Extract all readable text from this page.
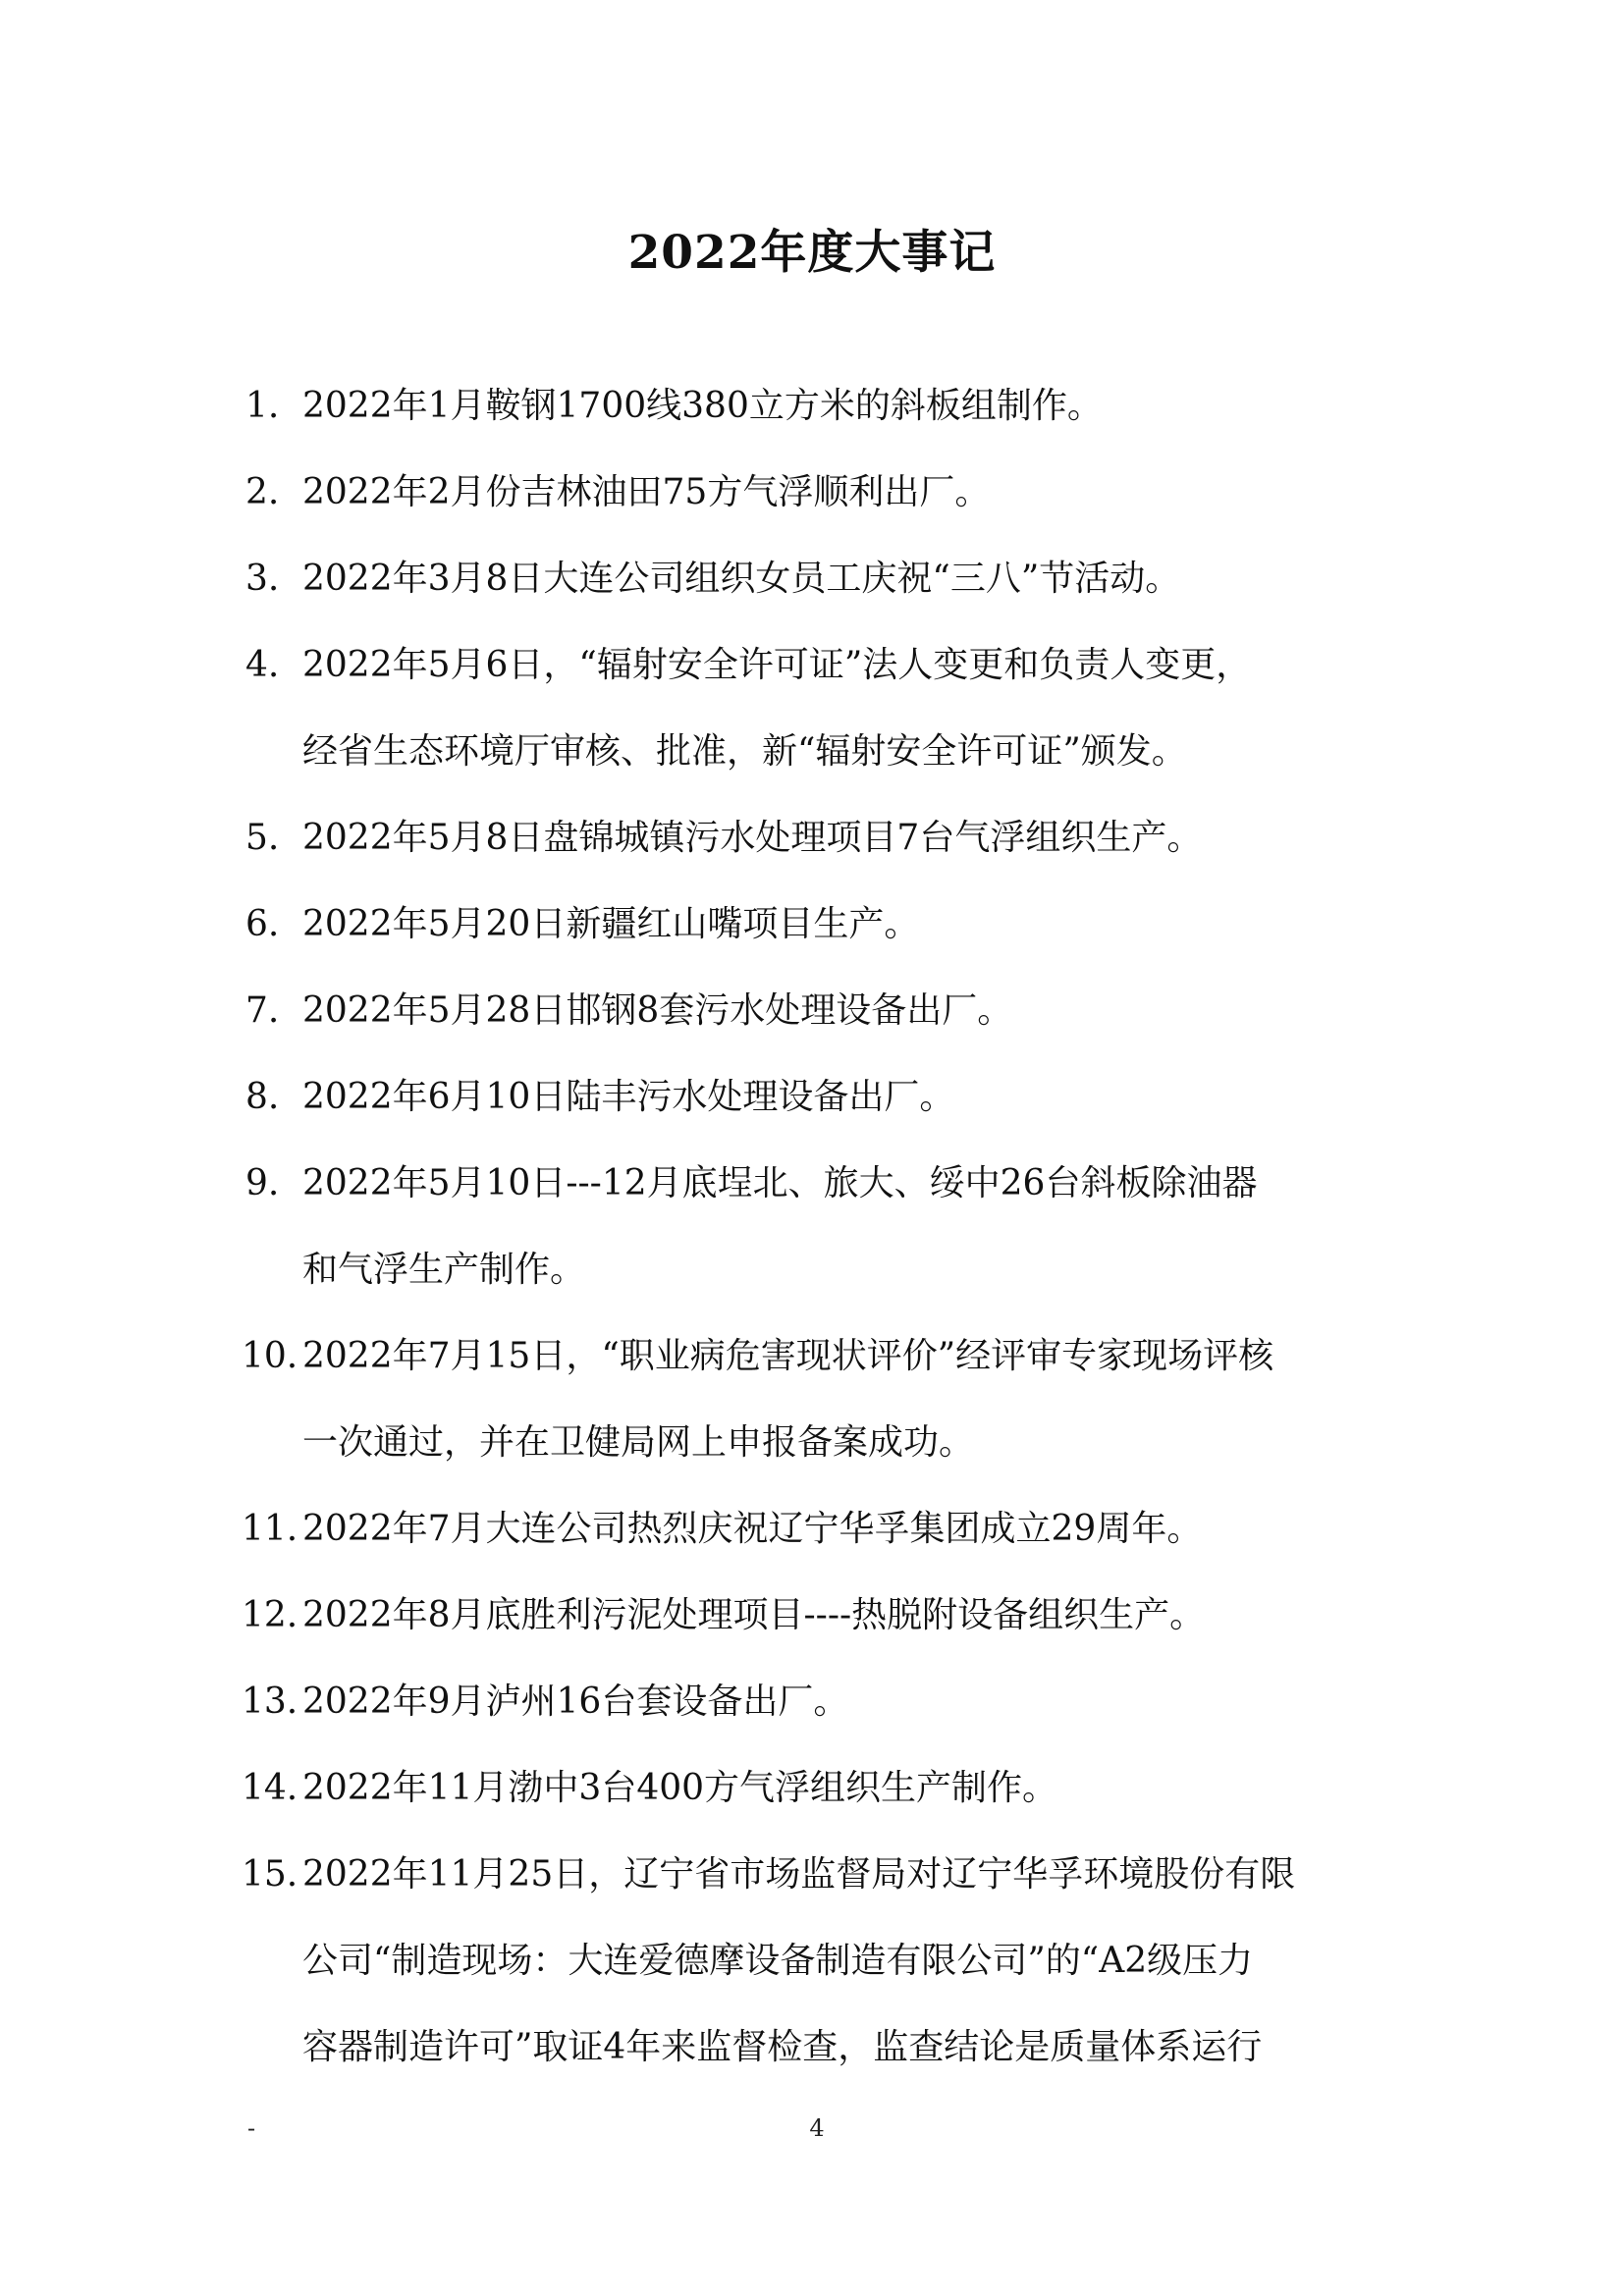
2022年度大事记
1. 2022年1月鞍钢1700线380立方米的斜板组制作。
2. 2022年2月份吉林油田75方气浮顺利出厂。
3. 2022年3月8日大连公司组织女员工庆祝“三八”节活动。
4. 2022年5月6日，“辐射安全许可证”法人变更和负责人变更，
经省生态环境厅审核、批准，新“辐射安全许可证”颁发。
5. 2022年5月8日盘锦城镇污水处理项目7台气浮组织生产。
6. 2022年5月20日新疆红山嘴项目生产。
7. 2022年5月28日邯钢8套污水处理设备出厂。
8. 2022年6月10日陆丰污水处理设备出厂。
9. 2022年5月10日---12月底埕北、旅大、绥中26台斜板除油器
和气浮生产制作。
10. 2022年7月15日，“职业病危害现状评价”经评审专家现场评核
一次通过，并在卫健局网上申报备案成功。
11. 2022年7月大连公司热烈庆祝辽宁华孚集团成立29周年。
12. 2022年8月底胜利污泥处理项目----热脱附设备组织生产。
13. 2022年9月泸州16台套设备出厂。
14. 2022年11月渤中3台400方气浮组织生产制作。
15. 2022年11月25日，辽宁省市场监督局对辽宁华孚环境股份有限
公司“制造现场：大连爱德摩设备制造有限公司”的“A2级压力
容器制造许可”取证4年来监督检查，监查结论是质量体系运行
-	4
